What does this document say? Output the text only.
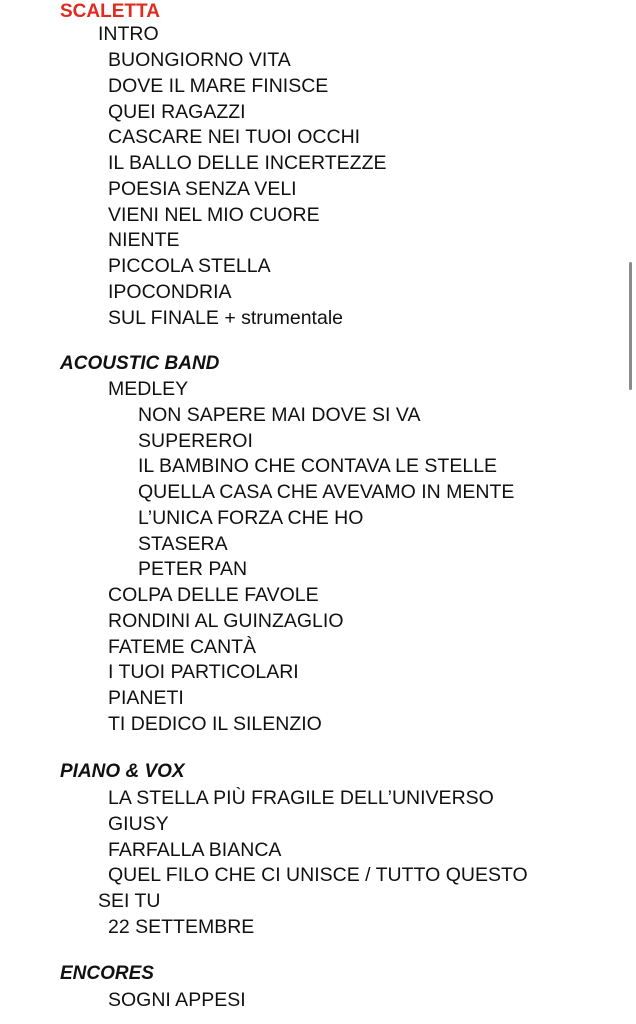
SCALETTA
INTRO
BUONGIORNO VITA
DOVE IL MARE FINISCE
QUEI RAGAZZI
CASCARE NEI TUOI OCCHI
IL BALLO DELLE INCERTEZZE
POESIA SENZA VELI
VIENI NEL MIO CUORE
NIENTE
PICCOLA STELLA
IPOCONDRIA
SUL FINALE + strumentale
ACOUSTIC BAND
MEDLEY
NON SAPERE MAI DOVE SI VA
SUPEREROI
IL BAMBINO CHE CONTAVA LE STELLE
QUELLA CASA CHE AVEVAMO IN MENTE
L’UNICA FORZA CHE HO
STASERA
PETER PAN
COLPA DELLE FAVOLE
RONDINI AL GUINZAGLIO
FATEME CANTÀ
I TUOI PARTICOLARI
PIANETI
TI DEDICO IL SILENZIO
PIANO & VOX
LA STELLA PIÙ FRAGILE DELL’UNIVERSO
GIUSY
FARFALLA BIANCA
QUEL FILO CHE CI UNISCE / TUTTO QUESTO
SEI TU
22 SETTEMBRE
ENCORES
SOGNI APPESI
